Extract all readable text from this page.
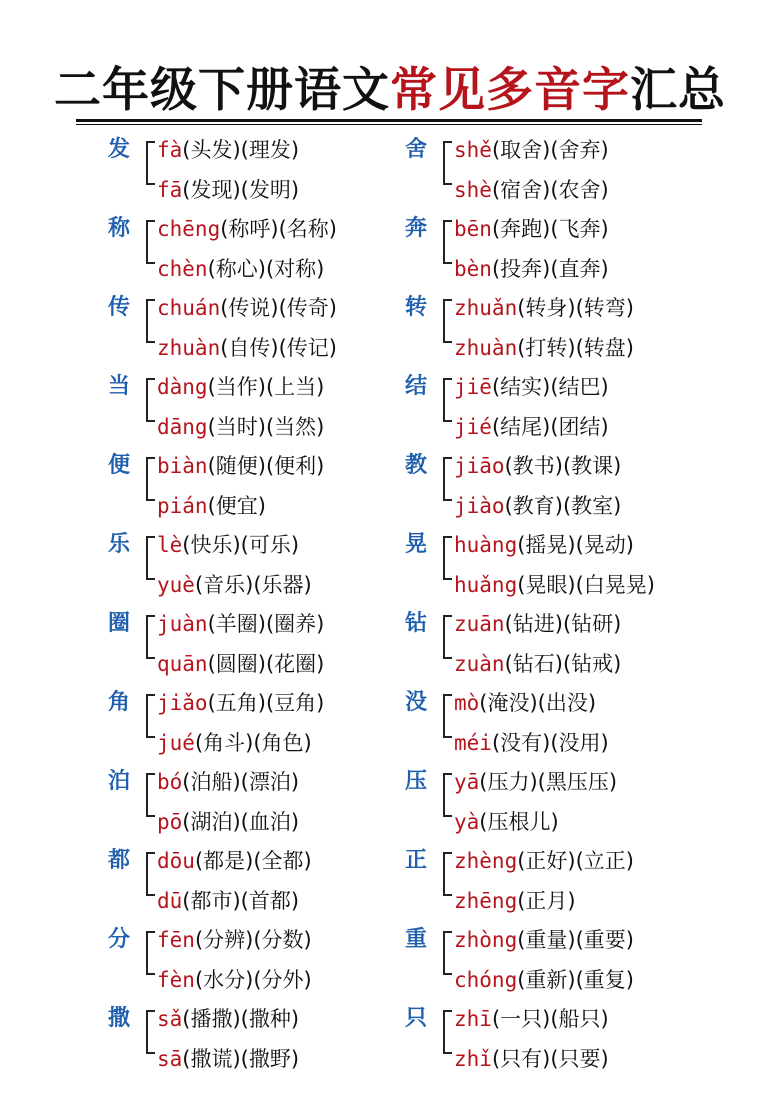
二年级下册语文常见多音字汇总
发	fà(头发)(理发)
fā(发现)(发明)
称	chēng(称呼)(名称)
chèn(称心)(对称)
传	chuán(传说)(传奇)
zhuàn(自传)(传记)
当	dàng(当作)(上当)
dāng(当时)(当然)
便	biàn(随便)(便利)
pián(便宜)
乐	lè(快乐)(可乐)
yuè(音乐)(乐器)
圈	juàn(羊圈)(圈养)
quān(圆圈)(花圈)
角	jiǎo(五角)(豆角)
jué(角斗)(角色)
泊	bó(泊船)(漂泊)
pō(湖泊)(血泊)
都	dōu(都是)(全都)
dū(都市)(首都)
分	fēn(分辨)(分数)
fèn(水分)(分外)
撒	sǎ(播撒)(撒种)
sā(撒谎)(撒野)
舍	shě(取舍)(舍弃)
shè(宿舍)(农舍)
奔	bēn(奔跑)(飞奔)
bèn(投奔)(直奔)
转	zhuǎn(转身)(转弯)
zhuàn(打转)(转盘)
结	jiē(结实)(结巴)
jié(结尾)(团结)
教	jiāo(教书)(教课)
jiào(教育)(教室)
晃	huàng(摇晃)(晃动)
huǎng(晃眼)(白晃晃)
钻	zuān(钻进)(钻研)
zuàn(钻石)(钻戒)
没	mò(淹没)(出没)
méi(没有)(没用)
压	yā(压力)(黑压压)
yà(压根儿)
正	zhèng(正好)(立正)
zhēng(正月)
重	zhòng(重量)(重要)
chóng(重新)(重复)
只	zhī(一只)(船只)
zhǐ(只有)(只要)
